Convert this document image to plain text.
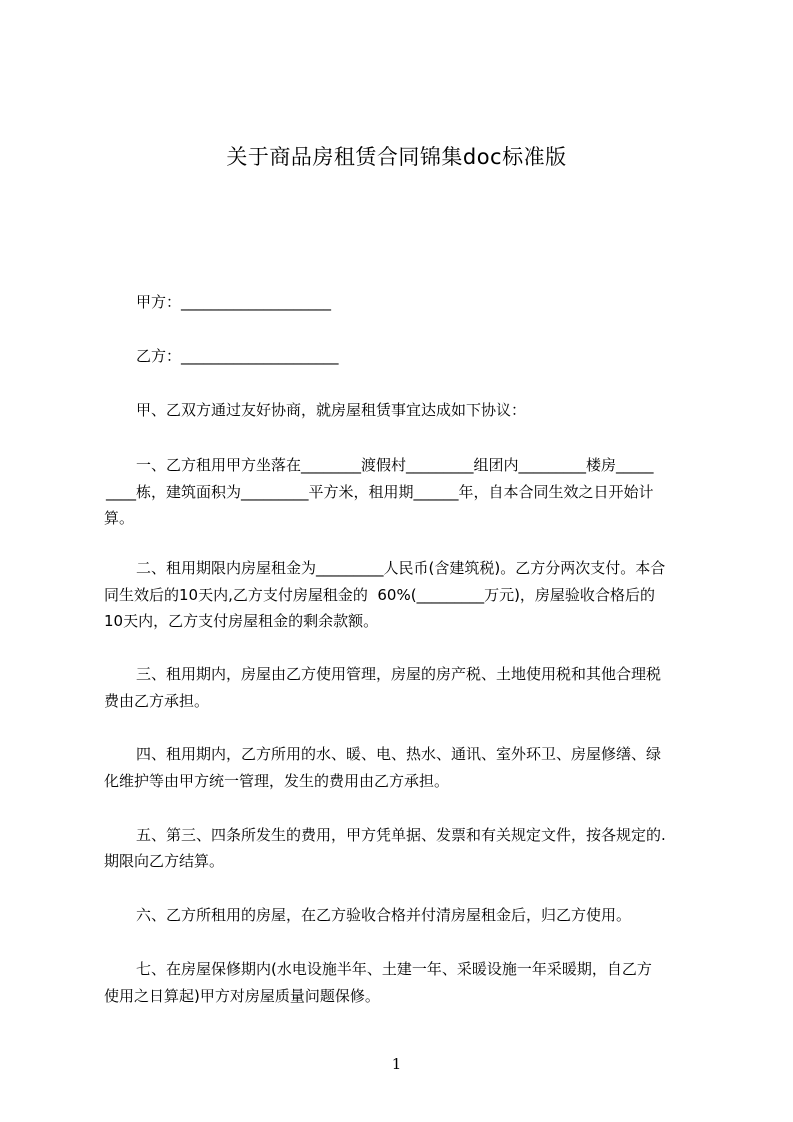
关于商品房租赁合同锦集doc标准版
甲方：____________________
乙方：_____________________
甲、乙双方通过友好协商，就房屋租赁事宜达成如下协议：
一、乙方租用甲方坐落在________渡假村_________组团内_________楼房_____
____栋，建筑面积为_________平方米，租用期______年，自本合同生效之日开始计
算。
二、租用期限内房屋租金为_________人民币(含建筑税)。乙方分两次支付。本合
同生效后的10天内,乙方支付房屋租金的  60%(_________万元)，房屋验收合格后的
10天内，乙方支付房屋租金的剩余款额。
三、租用期内，房屋由乙方使用管理，房屋的房产税、土地使用税和其他合理税
费由乙方承担。
四、租用期内，乙方所用的水、暖、电、热水、通讯、室外环卫、房屋修缮、绿
化维护等由甲方统一管理，发生的费用由乙方承担。
五、第三、四条所发生的费用，甲方凭单据、发票和有关规定文件，按各规定的.
期限向乙方结算。
六、乙方所租用的房屋，在乙方验收合格并付清房屋租金后，归乙方使用。
七、在房屋保修期内(水电设施半年、土建一年、采暖设施一年采暖期，自乙方
使用之日算起)甲方对房屋质量问题保修。
1
